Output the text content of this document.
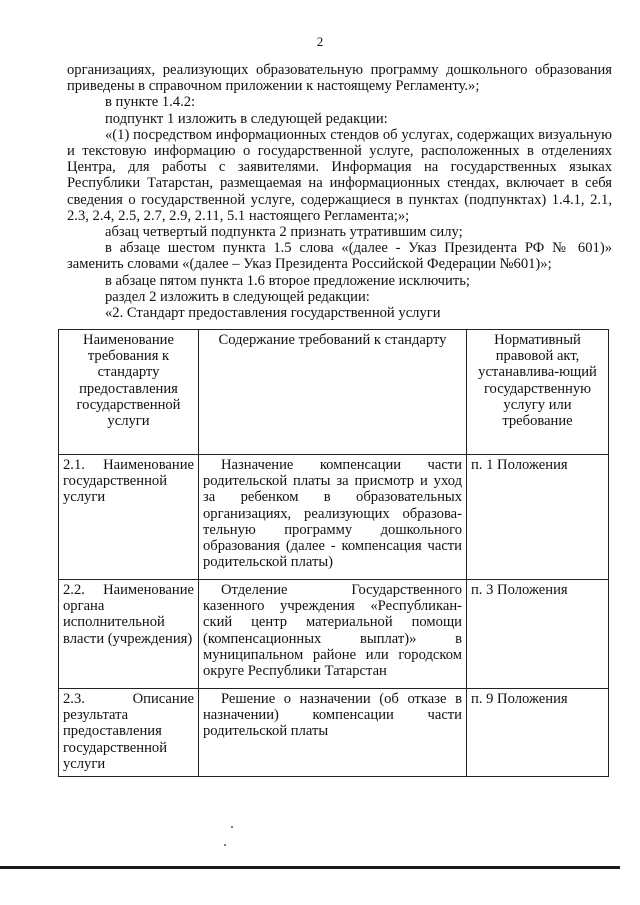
2

организациях, реализующих образовательную программу дошкольного образования приведены в справочном приложении к настоящему Регламенту.»;

в пункте 1.4.2:

подпункт 1 изложить в следующей редакции:

«(1) посредством информационных стендов об услугах, содержащих визуальную и текстовую информацию о государственной услуге, расположенных в отделениях Центра, для работы с заявителями. Информация на государственных языках Республики Татарстан, размещаемая на информационных стендах, включает в себя сведения о государственной услуге, содержащиеся в пунктах (подпунктах) 1.4.1, 2.1, 2.3, 2.4, 2.5, 2.7, 2.9, 2.11, 5.1 настоящего Регламента;»;

абзац четвертый подпункта 2 признать утратившим силу;

в абзаце шестом пункта 1.5 слова «(далее - Указ Президента РФ № 601)» заменить словами «(далее – Указ Президента Российской Федерации №601)»;

в абзаце пятом пункта 1.6 второе предложение исключить;

раздел 2 изложить в следующей редакции:

«2. Стандарт предоставления государственной услуги

Наименование требования к стандарту предоставления государственной услуги	Содержание требований к стандарту	Нормативный правовой акт, устанавлива-ющий государственную услугу или требование
2.1. Наименование государственной услуги	Назначение компенсации части родительской платы за присмотр и уход за ребенком в образовательных организациях, реализующих образова-тельную программу дошкольного образования (далее - компенсация части родительской платы)	п. 1 Положения
2.2. Наименование органа исполнительной власти (учреждения)	Отделение Государственного казенного учреждения «Республикан-ский центр материальной помощи (компенсационных выплат)» в муниципальном районе или городском округе Республики Татарстан	п. 3 Положения
2.3. Описание результата предоставления государственной услуги	Решение о назначении (об отказе в назначении) компенсации части родительской платы	п. 9 Положения
